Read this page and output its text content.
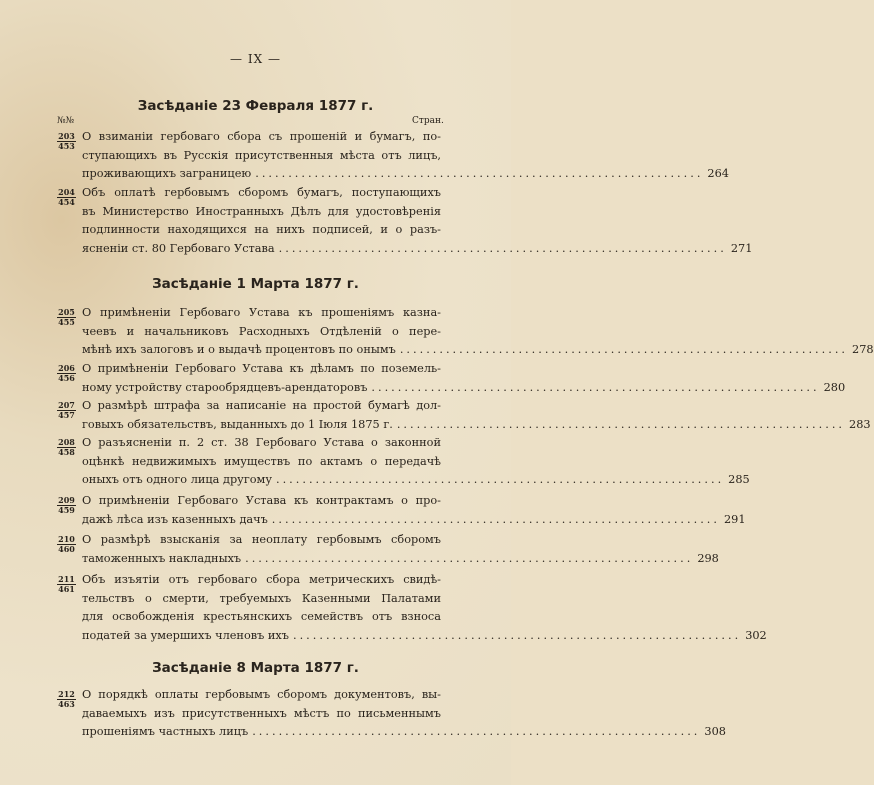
— IX —
Засѣданіе 23 Февраля 1877 г.
№№	Стран.
203
453
О взиманіи гербоваго сбора съ прошеній и бумагъ, по-
ступающихъ въ Русскія присутственныя мѣста отъ лицъ,
проживающихъ заграницею .................................................................... 264
204
454
Объ оплатѣ гербовымъ сборомъ бумагъ, поступающихъ
въ Министерство Иностранныхъ Дѣлъ для удостовѣренія
подлинности находящихся на нихъ подписей, и о разъ-
ясненіи ст. 80 Гербоваго Устава .................................................................... 271
Засѣданіе 1 Марта 1877 г.
205
455
О примѣненіи Гербоваго Устава къ прошеніямъ казна-
чеевъ и начальниковъ Расходныхъ Отдѣленій о пере-
мѣнѣ ихъ залоговъ и о выдачѣ процентовъ по онымъ .................................................................... 278
206
456
О примѣненіи Гербоваго Устава къ дѣламъ по поземель-
ному устройству старообрядцевъ-арендаторовъ .................................................................... 280
207
457
О размѣрѣ штрафа за написаніе на простой бумагѣ дол-
говыхъ обязательствъ, выданныхъ до 1 Іюля 1875 г. .................................................................... 283
208
458
О разъясненіи п. 2 ст. 38 Гербоваго Устава о законной
оцѣнкѣ недвижимыхъ имуществъ по актамъ о передачѣ
оныхъ отъ одного лица другому .................................................................... 285
209
459
О примѣненіи Гербоваго Устава къ контрактамъ о про-
дажѣ лѣса изъ казенныхъ дачъ .................................................................... 291
210
460
О размѣрѣ взысканія за неоплату гербовымъ сборомъ
таможенныхъ накладныхъ .................................................................... 298
211
461
Объ изъятіи отъ гербоваго сбора метрическихъ свидѣ-
тельствъ о смерти, требуемыхъ Казенными Палатами
для освобожденія крестьянскихъ семействъ отъ взноса
податей за умершихъ членовъ ихъ .................................................................... 302
Засѣданіе 8 Марта 1877 г.
212
463
О порядкѣ оплаты гербовымъ сборомъ документовъ, вы-
даваемыхъ изъ присутственныхъ мѣстъ по письменнымъ
прошеніямъ частныхъ лицъ .................................................................... 308
